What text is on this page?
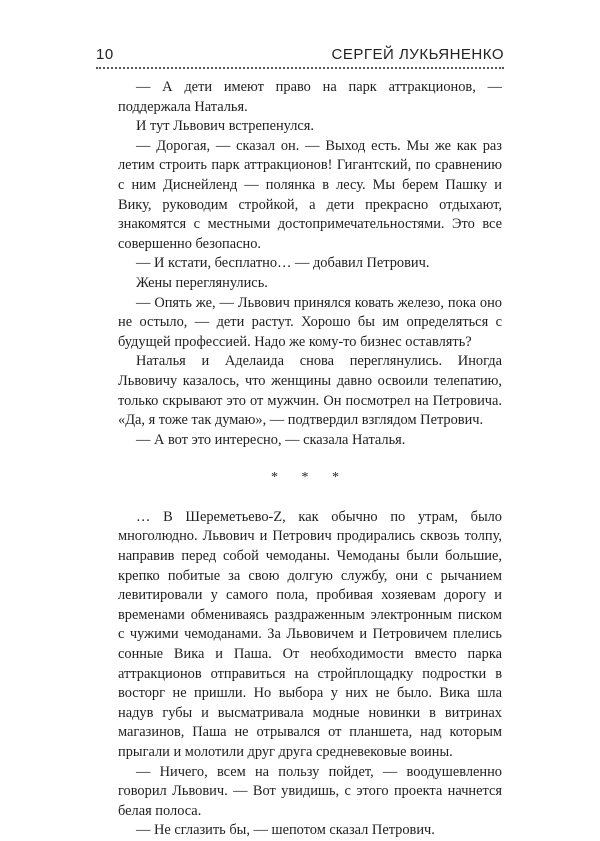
10	СЕРГЕЙ ЛУКЬЯНЕНКО

— А дети имеют право на парк аттракционов, — поддержала Наталья.

И тут Львович встрепенулся.

— Дорогая, — сказал он. — Выход есть. Мы же как раз летим строить парк аттракционов! Гигантский, по сравнению с ним Диснейленд — полянка в лесу. Мы берем Пашку и Вику, руководим стройкой, а дети прекрасно отдыхают, знакомятся с местными достопримечательностями. Это все совершенно безопасно.

— И кстати, бесплатно… — добавил Петрович.

Жены переглянулись.

— Опять же, — Львович принялся ковать железо, пока оно не остыло, — дети растут. Хорошо бы им определяться с будущей профессией. Надо же кому-то бизнес оставлять?

Наталья и Аделаида снова переглянулись. Иногда Львовичу казалось, что женщины давно освоили телепатию, только скрывают это от мужчин. Он посмотрел на Петровича. «Да, я тоже так думаю», — подтвердил взглядом Петрович.

— А вот это интересно, — сказала Наталья.

* * *

… В Шереметьево-Z, как обычно по утрам, было многолюдно. Львович и Петрович продирались сквозь толпу, направив перед собой чемоданы. Чемоданы были большие, крепко побитые за свою долгую службу, они с рычанием левитировали у самого пола, пробивая хозяевам дорогу и временами обмениваясь раздраженным электронным писком с чужими чемоданами. За Львовичем и Петровичем плелись сонные Вика и Паша. От необходимости вместо парка аттракционов отправиться на стройплощадку подростки в восторг не пришли. Но выбора у них не было. Вика шла надув губы и высматривала модные новинки в витринах магазинов, Паша не отрывался от планшета, над которым прыгали и молотили друг друга средневековые воины.

— Ничего, всем на пользу пойдет, — воодушевленно говорил Львович. — Вот увидишь, с этого проекта начнется белая полоса.

— Не сглазить бы, — шепотом сказал Петрович.
